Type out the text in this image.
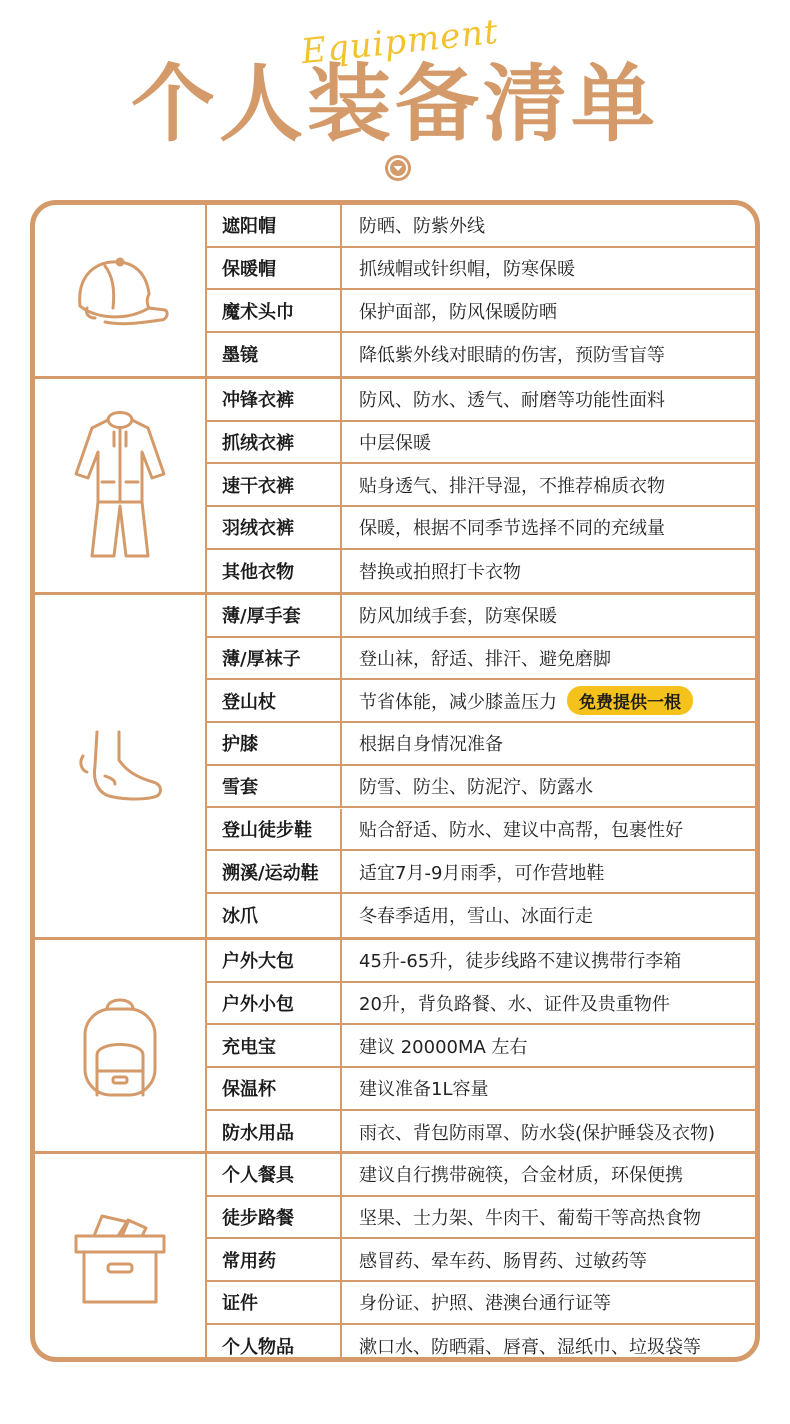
Equipment
个人装备清单
遮阳帽	防晒、防紫外线
保暖帽	抓绒帽或针织帽，防寒保暖
魔术头巾	保护面部，防风保暖防晒
墨镜	降低紫外线对眼睛的伤害，预防雪盲等
冲锋衣裤	防风、防水、透气、耐磨等功能性面料
抓绒衣裤	中层保暖
速干衣裤	贴身透气、排汗导湿，不推荐棉质衣物
羽绒衣裤	保暖，根据不同季节选择不同的充绒量
其他衣物	替换或拍照打卡衣物
薄/厚手套	防风加绒手套，防寒保暖
薄/厚袜子	登山袜，舒适、排汗、避免磨脚
登山杖	节省体能，减少膝盖压力	免费提供一根
护膝	根据自身情况准备
雪套	防雪、防尘、防泥泞、防露水
登山徒步鞋	贴合舒适、防水、建议中高帮，包裹性好
溯溪/运动鞋	适宜7月-9月雨季，可作营地鞋
冰爪	冬春季适用，雪山、冰面行走
户外大包	45升-65升，徒步线路不建议携带行李箱
户外小包	20升，背负路餐、水、证件及贵重物件
充电宝	建议 20000MA 左右
保温杯	建议准备1L容量
防水用品	雨衣、背包防雨罩、防水袋(保护睡袋及衣物)
个人餐具	建议自行携带碗筷，合金材质，环保便携
徒步路餐	坚果、士力架、牛肉干、葡萄干等高热食物
常用药	感冒药、晕车药、肠胃药、过敏药等
证件	身份证、护照、港澳台通行证等
个人物品	漱口水、防晒霜、唇膏、湿纸巾、垃圾袋等
